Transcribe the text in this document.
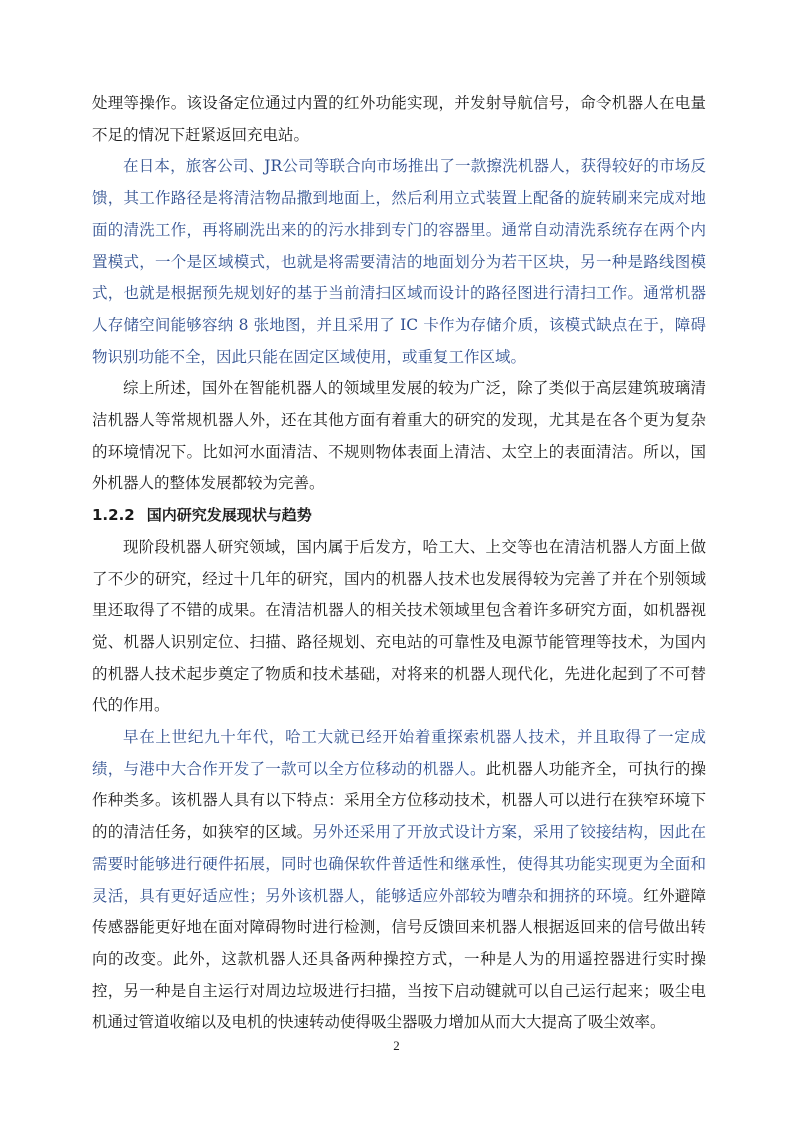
处理等操作。该设备定位通过内置的红外功能实现，并发射导航信号，命令机器人在电量不足的情况下赶紧返回充电站。

在日本，旅客公司、JR公司等联合向市场推出了一款擦洗机器人，获得较好的市场反馈，其工作路径是将清洁物品撒到地面上，然后利用立式装置上配备的旋转刷来完成对地面的清洗工作，再将刷洗出来的的污水排到专门的容器里。通常自动清洗系统存在两个内置模式，一个是区域模式，也就是将需要清洁的地面划分为若干区块，另一种是路线图模式，也就是根据预先规划好的基于当前清扫区域而设计的路径图进行清扫工作。通常机器人存储空间能够容纳 8 张地图，并且采用了 IC 卡作为存储介质，该模式缺点在于，障碍物识别功能不全，因此只能在固定区域使用，或重复工作区域。

综上所述，国外在智能机器人的领域里发展的较为广泛，除了类似于高层建筑玻璃清洁机器人等常规机器人外，还在其他方面有着重大的研究的发现，尤其是在各个更为复杂的环境情况下。比如河水面清洁、不规则物体表面上清洁、太空上的表面清洁。所以，国外机器人的整体发展都较为完善。

1.2.2 国内研究发展现状与趋势

现阶段机器人研究领域，国内属于后发方，哈工大、上交等也在清洁机器人方面上做了不少的研究，经过十几年的研究，国内的机器人技术也发展得较为完善了并在个别领域里还取得了不错的成果。在清洁机器人的相关技术领域里包含着许多研究方面，如机器视觉、机器人识别定位、扫描、路径规划、充电站的可靠性及电源节能管理等技术，为国内的机器人技术起步奠定了物质和技术基础，对将来的机器人现代化，先进化起到了不可替代的作用。

早在上世纪九十年代，哈工大就已经开始着重探索机器人技术，并且取得了一定成绩，与港中大合作开发了一款可以全方位移动的机器人。此机器人功能齐全，可执行的操作种类多。该机器人具有以下特点：采用全方位移动技术，机器人可以进行在狭窄环境下的的清洁任务，如狭窄的区域。另外还采用了开放式设计方案，采用了铰接结构，因此在需要时能够进行硬件拓展，同时也确保软件普适性和继承性，使得其功能实现更为全面和灵活，具有更好适应性；另外该机器人，能够适应外部较为嘈杂和拥挤的环境。红外避障传感器能更好地在面对障碍物时进行检测，信号反馈回来机器人根据返回来的信号做出转向的改变。此外，这款机器人还具备两种操控方式，一种是人为的用遥控器进行实时操控，另一种是自主运行对周边垃圾进行扫描，当按下启动键就可以自己运行起来；吸尘电机通过管道收缩以及电机的快速转动使得吸尘器吸力增加从而大大提高了吸尘效率。

2
